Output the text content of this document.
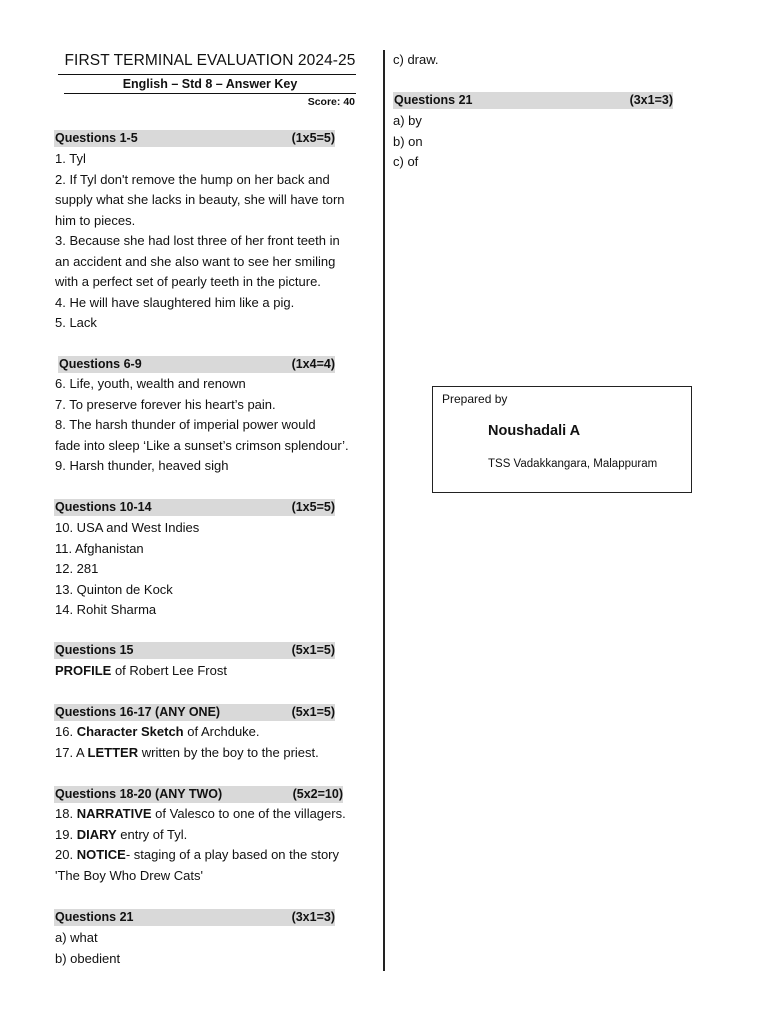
FIRST TERMINAL EVALUATION 2024-25
English – Std 8 – Answer Key
Score: 40
Questions 1-5	(1x5=5)
1. Tyl
2. If Tyl don't remove the hump on her back and
supply what she lacks in beauty, she will have torn
him to pieces.
3. Because she had lost three of her front teeth in
an accident and she also want to see her smiling
with a perfect set of pearly teeth in the picture.
4. He will have slaughtered him like a pig.
5. Lack
Questions 6-9	(1x4=4)
6. Life, youth, wealth and renown
7. To preserve forever his heart’s pain.
8. The harsh thunder of imperial power would
fade into sleep ‘Like a sunset’s crimson splendour’.
9. Harsh thunder, heaved sigh
Questions 10-14	(1x5=5)
10. USA and West Indies
11. Afghanistan
12. 281
13. Quinton de Kock
14. Rohit Sharma
Questions 15	(5x1=5)
PROFILE of Robert Lee Frost
Questions 16-17 (ANY ONE)	(5x1=5)
16. Character Sketch of Archduke.
17. A LETTER written by the boy to the priest.
Questions 18-20 (ANY TWO)	(5x2=10)
18. NARRATIVE of Valesco to one of the villagers.
19. DIARY entry of Tyl.
20. NOTICE- staging of a play based on the story
'The Boy Who Drew Cats'
Questions 21	(3x1=3)
a) what
b) obedient
c) draw.
Questions 21	(3x1=3)
a) by
b) on
c) of
Prepared by
Noushadali A
TSS Vadakkangara, Malappuram
